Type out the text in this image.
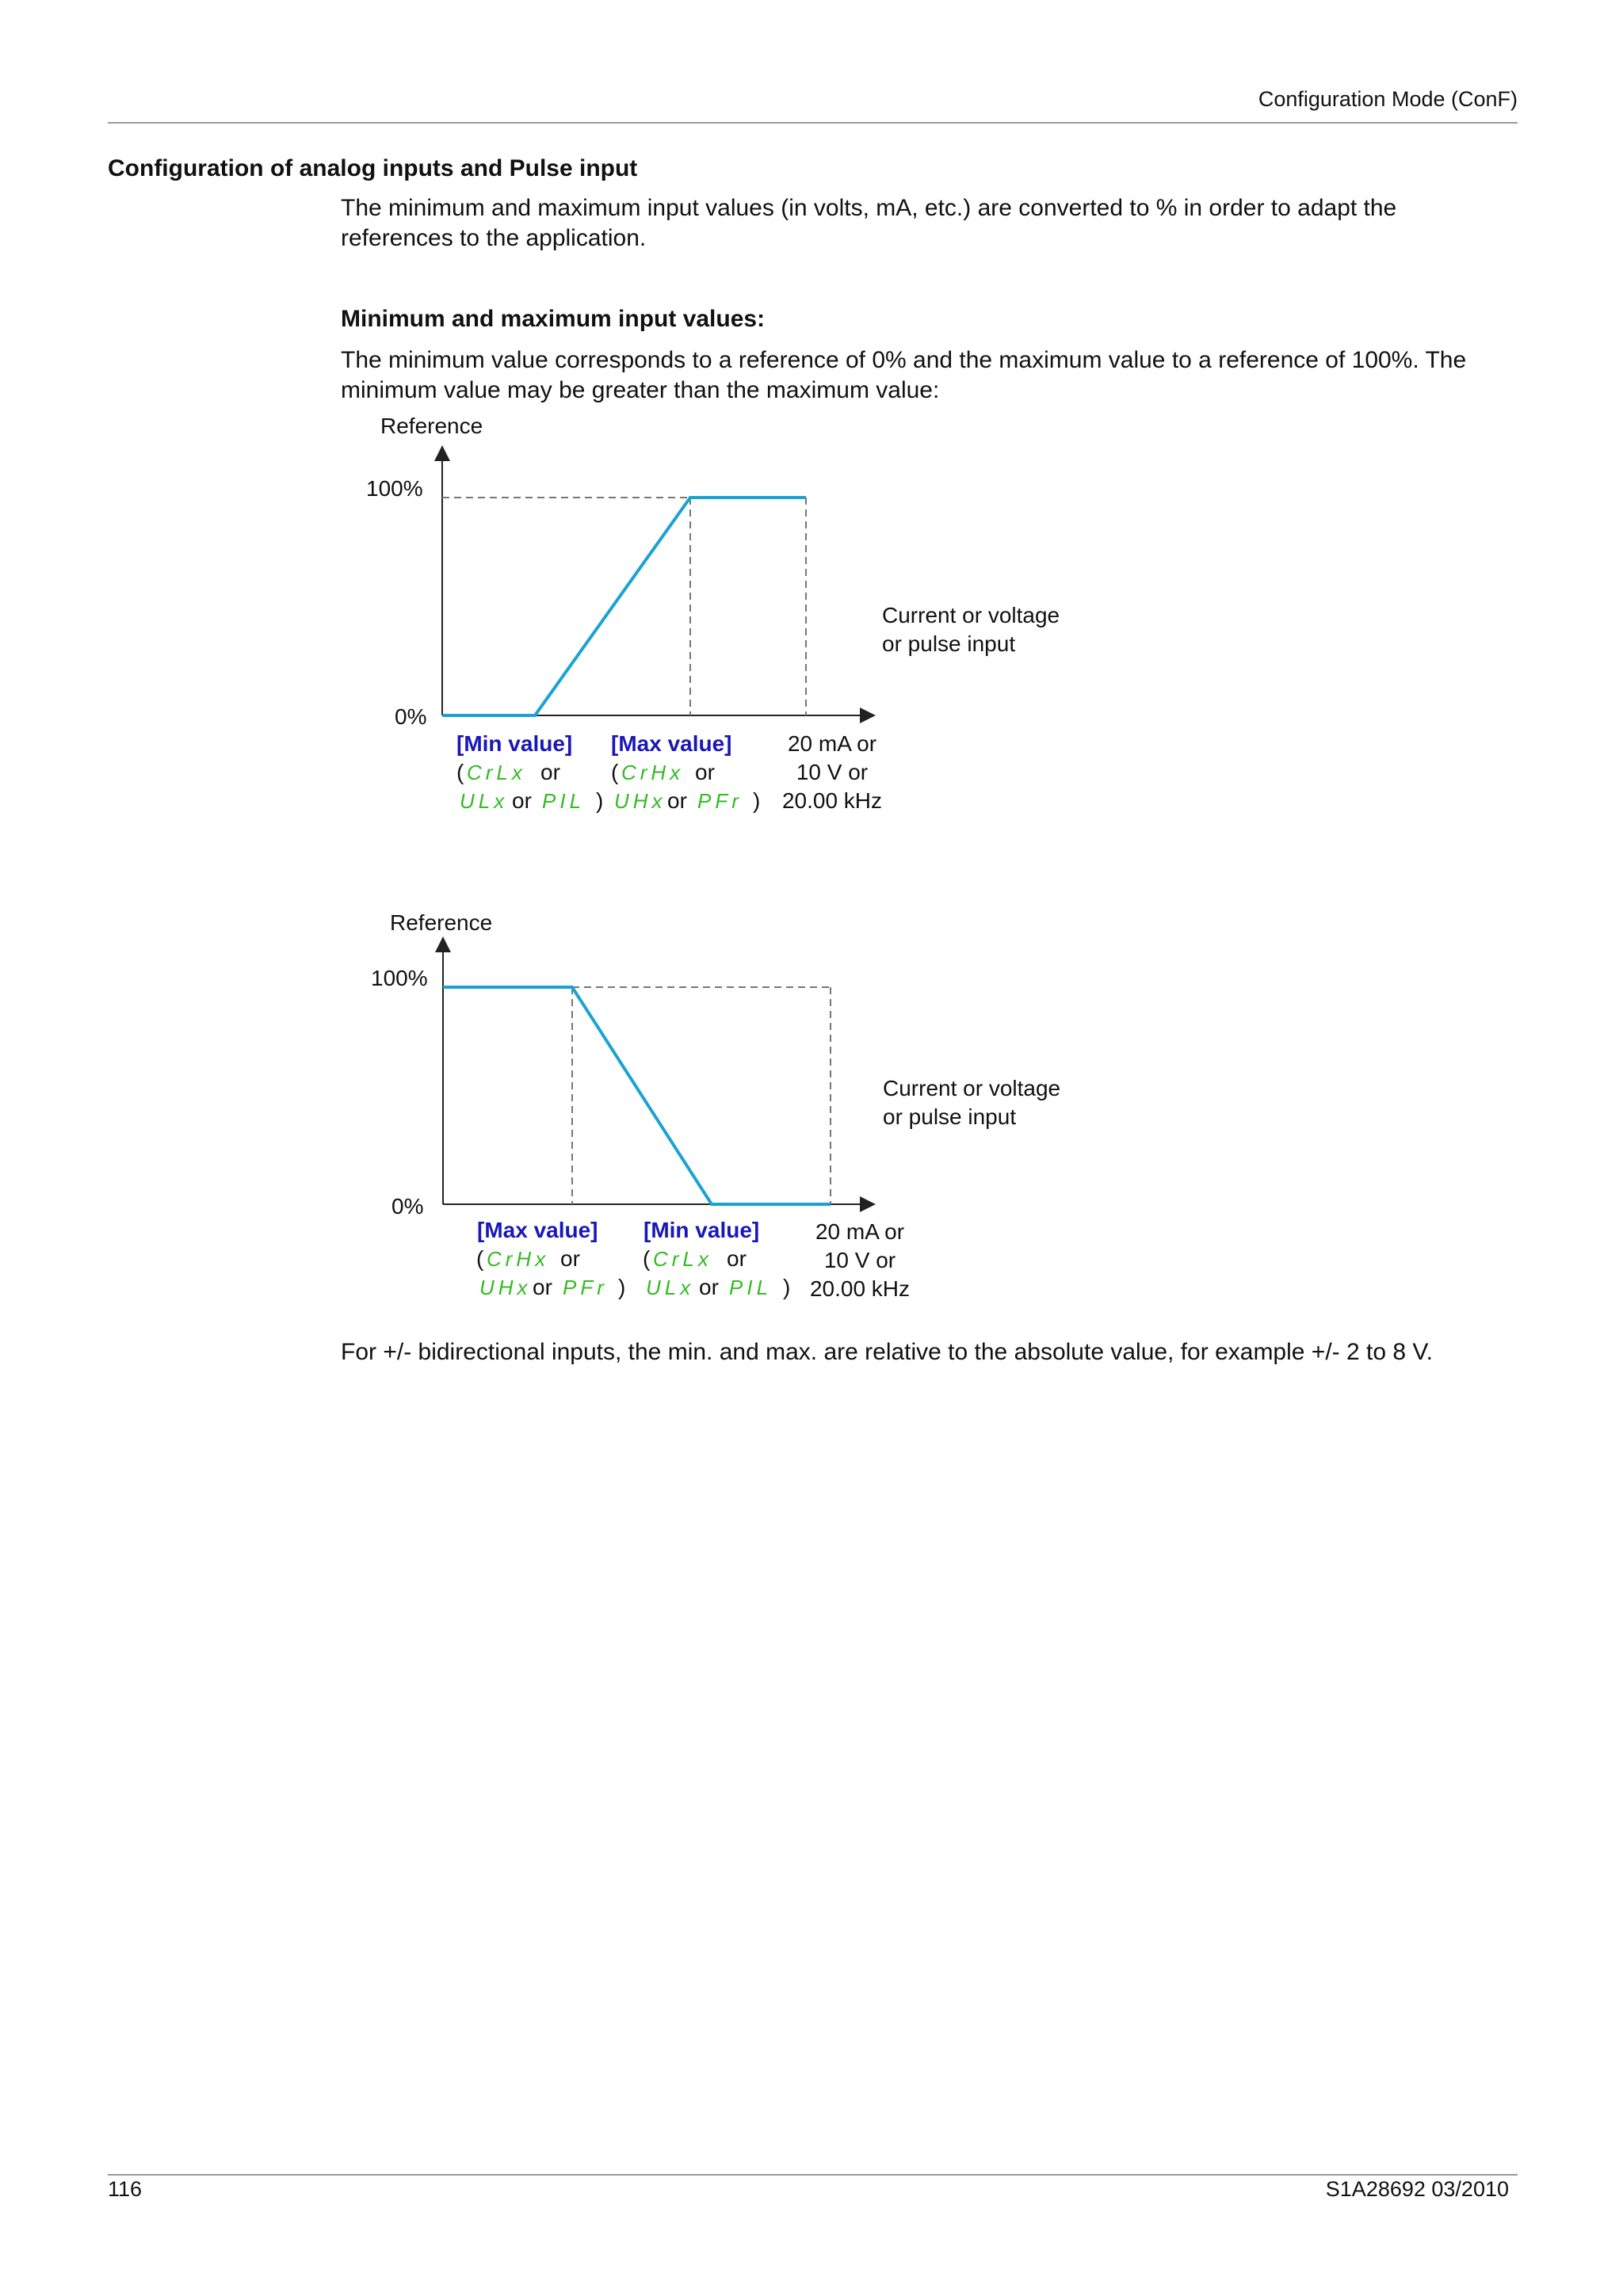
Configuration Mode (ConF)
Configuration of analog inputs and Pulse input
The minimum and maximum input values (in volts, mA, etc.) are converted to % in order to adapt the references to the application.
Minimum and maximum input values:
The minimum value corresponds to a reference of 0% and the maximum value to a reference of 100%. The minimum value may be greater than the maximum value:
Reference
100%
0%
Current or voltage
or pulse input
[Min value]
( CrLx or
ULx or PIL )
[Max value]
( CrHx or
UHx or PFr )
20 mA or
10 V or
20.00 kHz
Reference
100%
0%
Current or voltage
or pulse input
[Max value]
( CrHx or
UHx or PFr )
[Min value]
( CrLx or
ULx or PIL )
20 mA or
10 V or
20.00 kHz
For +/- bidirectional inputs, the min. and max. are relative to the absolute value, for example +/- 2 to 8 V.
116	S1A28692 03/2010
